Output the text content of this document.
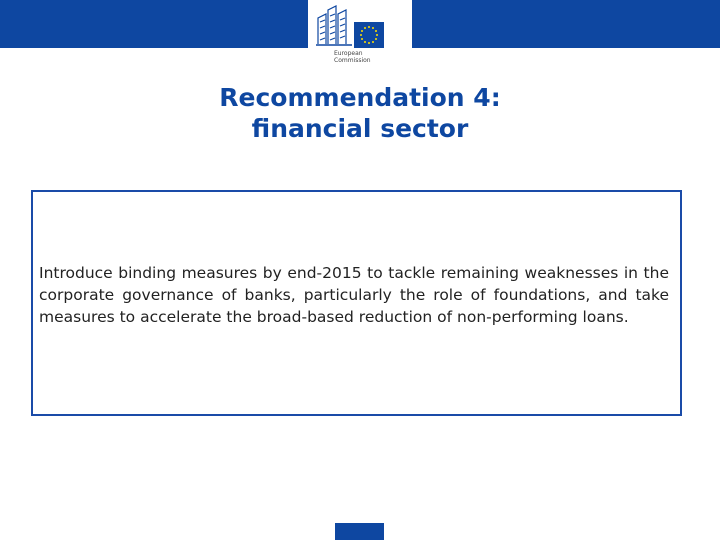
European
Commission
Recommendation 4:
financial sector
Introduce binding measures by end-2015 to tackle remaining weaknesses in the corporate governance of banks, particularly the role of foundations, and take measures to accelerate the broad-based reduction of non-performing loans.
